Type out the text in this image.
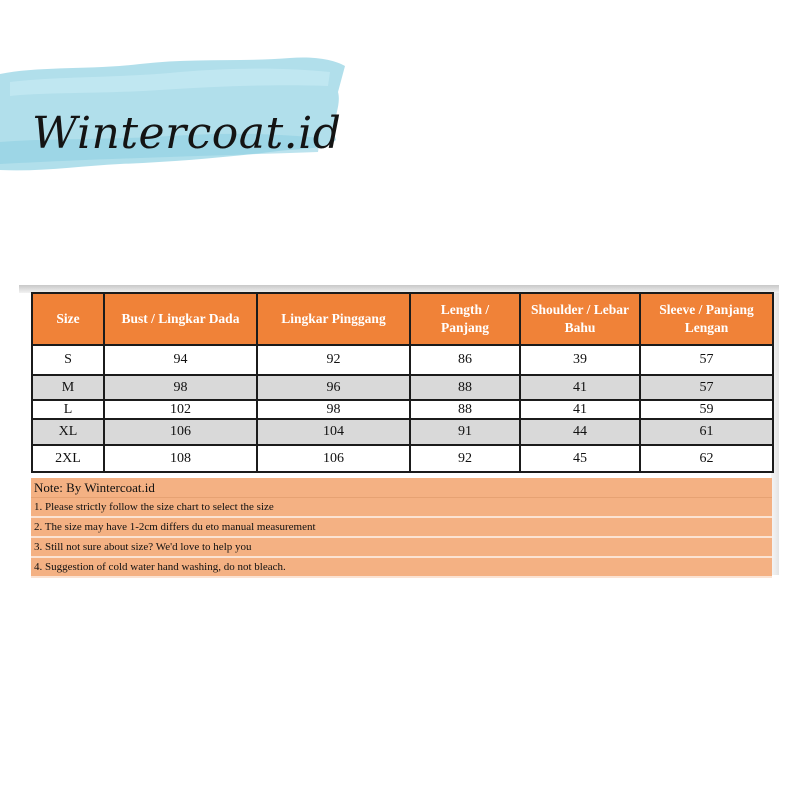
Wintercoat.id
Size	Bust / Lingkar Dada	Lingkar Pinggang	Length / Panjang	Shoulder / Lebar Bahu	Sleeve / Panjang Lengan
S	94	92	86	39	57
M	98	96	88	41	57
L	102	98	88	41	59
XL	106	104	91	44	61
2XL	108	106	92	45	62
Note: By Wintercoat.id
1. Please strictly follow the size chart to select the size
2. The size may have 1-2cm differs du eto manual measurement
3. Still not sure about size? We'd love to help you
4. Suggestion of cold water hand washing, do not bleach.
